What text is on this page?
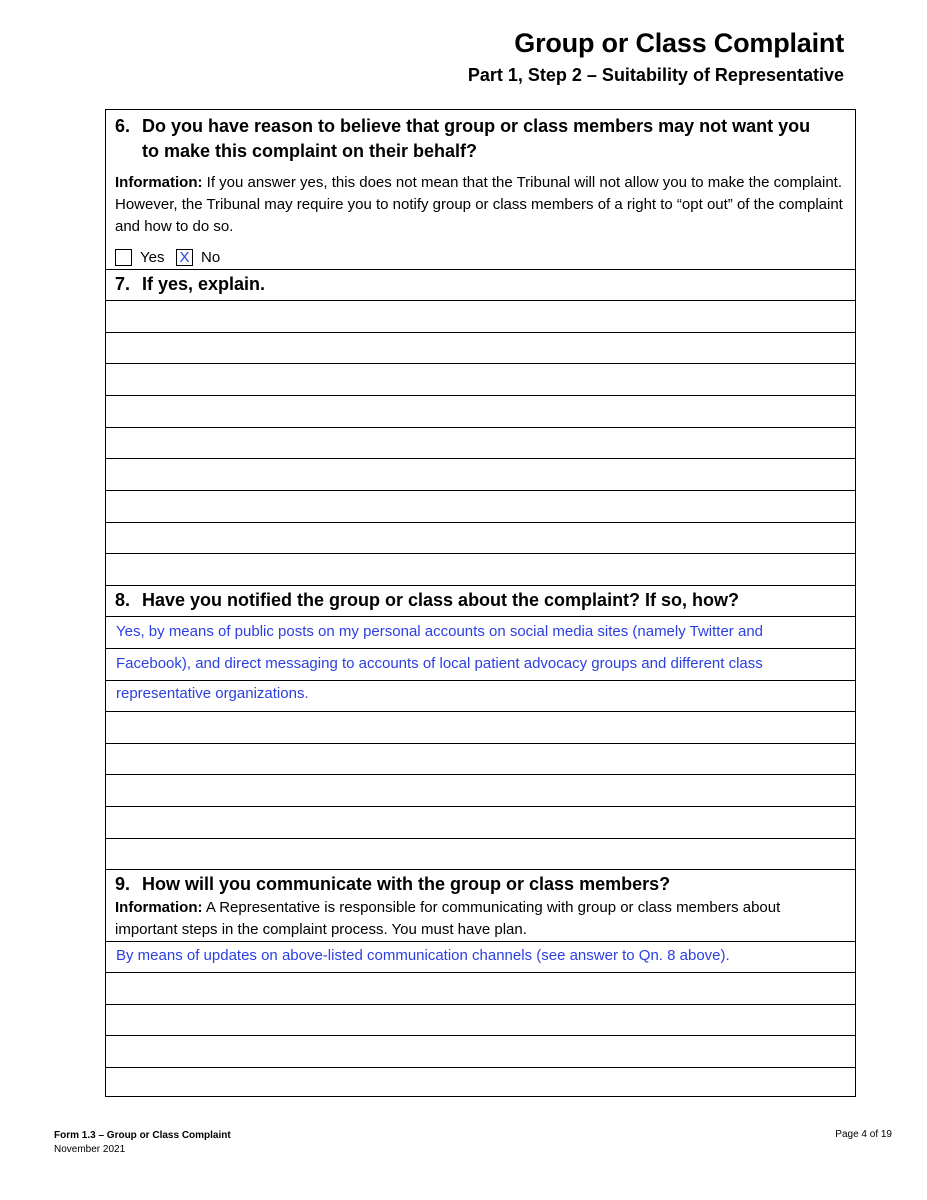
Group or Class Complaint
Part 1, Step 2 – Suitability of Representative
6. Do you have reason to believe that group or class members may not want you
to make this complaint on their behalf?
Information: If you answer yes, this does not mean that the Tribunal will not allow you to make the complaint. However, the Tribunal may require you to notify group or class members of a right to “opt out” of the complaint and how to do so.
Yes X No
7. If yes, explain.
8. Have you notified the group or class about the complaint? If so, how?
Yes, by means of public posts on my personal accounts on social media sites (namely Twitter and
Facebook), and direct messaging to accounts of local patient advocacy groups and different class
representative organizations.
9. How will you communicate with the group or class members?
Information: A Representative is responsible for communicating with group or class members about important steps in the complaint process. You must have plan.
By means of updates on above-listed communication channels (see answer to Qn. 8 above).
Form 1.3 – Group or Class Complaint
November 2021
Page 4 of 19
